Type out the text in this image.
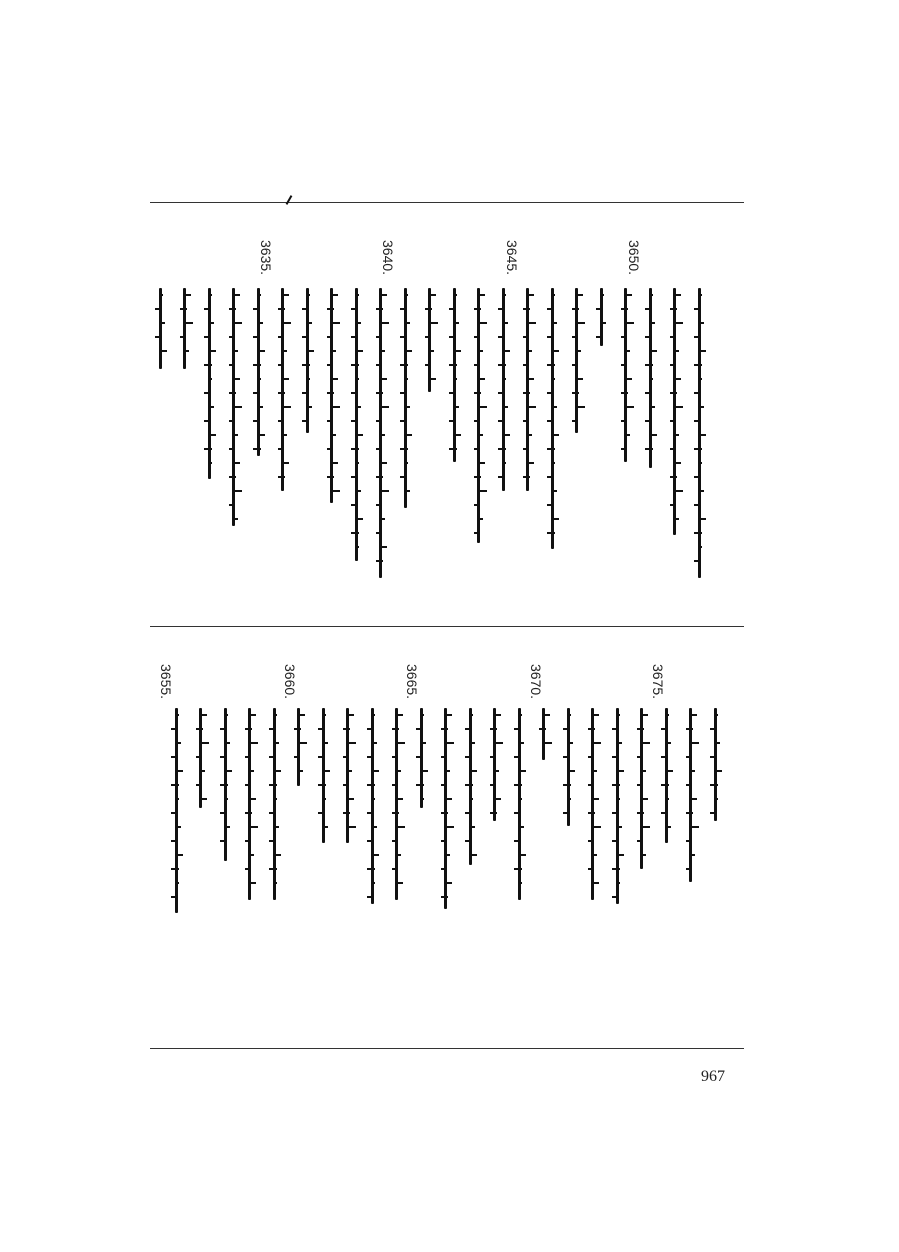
3650.
3645.
3640.
3635.
3675.
3670.
3665.
3660.
3655.
967
